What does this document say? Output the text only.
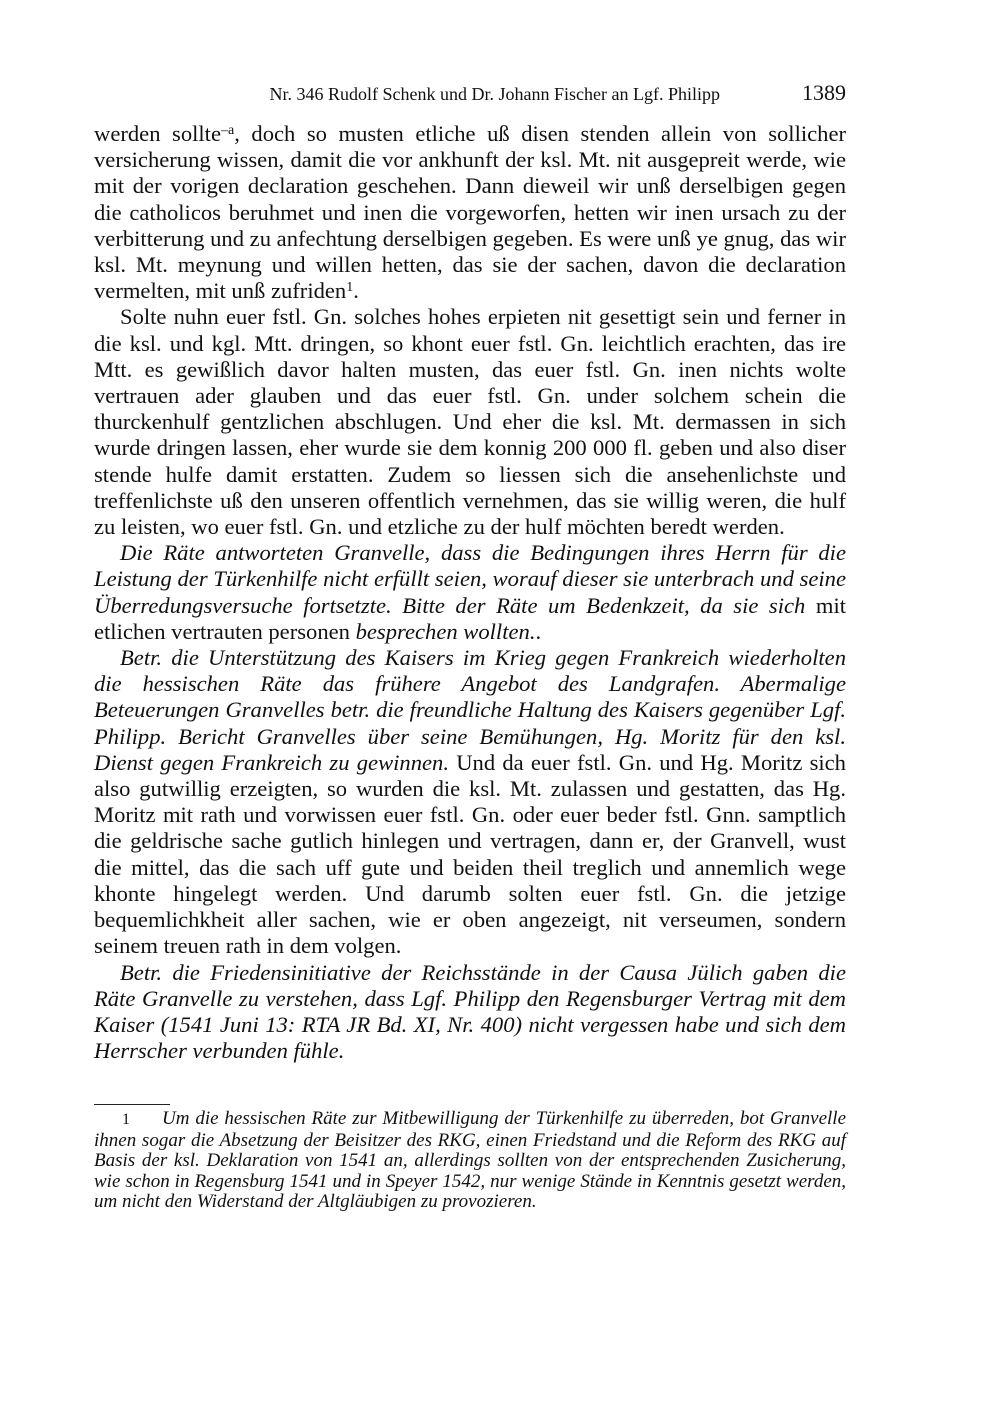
Nr. 346 Rudolf Schenk und Dr. Johann Fischer an Lgf. Philipp	1389

werden sollte$^{-a}$, doch so musten etliche uß disen stenden allein von sollicher versicherung wissen, damit die vor ankhunft der ksl. Mt. nit ausgepreit werde, wie mit der vorigen declaration geschehen. Dann dieweil wir unß derselbigen gegen die catholicos beruhmet und inen die vorgeworfen, hetten wir inen ursach zu der verbitterung und zu anfechtung derselbigen gegeben. Es were unß ye gnug, das wir ksl. Mt. meynung und willen hetten, das sie der sachen, davon die declaration vermelten, mit unß zufriden$^1$.

Solte nuhn euer fstl. Gn. solches hohes erpieten nit gesettigt sein und ferner in die ksl. und kgl. Mtt. dringen, so khont euer fstl. Gn. leichtlich erachten, das ire Mtt. es gewißlich davor halten musten, das euer fstl. Gn. inen nichts wolte vertrauen ader glauben und das euer fstl. Gn. under solchem schein die thurckenhulf gentzlichen abschlugen. Und eher die ksl. Mt. dermassen in sich wurde dringen lassen, eher wurde sie dem konnig 200 000 fl. geben und also diser stende hulfe damit erstatten. Zudem so liessen sich die ansehenlichste und treffenlichste uß den unseren offentlich vernehmen, das sie willig weren, die hulf zu leisten, wo euer fstl. Gn. und etzliche zu der hulf möchten beredt werden.

Die Räte antworteten Granvelle, dass die Bedingungen ihres Herrn für die Leistung der Türkenhilfe nicht erfüllt seien, worauf dieser sie unterbrach und seine Überredungsversuche fortsetzte. Bitte der Räte um Bedenkzeit, da sie sich mit etlichen vertrauten personen besprechen wollten..

Betr. die Unterstützung des Kaisers im Krieg gegen Frankreich wiederholten die hessischen Räte das frühere Angebot des Landgrafen. Abermalige Beteuerungen Granvelles betr. die freundliche Haltung des Kaisers gegenüber Lgf. Philipp. Bericht Granvelles über seine Bemühungen, Hg. Moritz für den ksl. Dienst gegen Frankreich zu gewinnen. Und da euer fstl. Gn. und Hg. Moritz sich also gutwillig erzeigten, so wurden die ksl. Mt. zulassen und gestatten, das Hg. Moritz mit rath und vorwissen euer fstl. Gn. oder euer beder fstl. Gnn. samptlich die geldrische sache gutlich hinlegen und vertragen, dann er, der Granvell, wust die mittel, das die sach uff gute und beiden theil treglich und annemlich wege khonte hingelegt werden. Und darumb solten euer fstl. Gn. die jetzige bequemlichkheit aller sachen, wie er oben angezeigt, nit verseumen, sondern seinem treuen rath in dem volgen.

Betr. die Friedensinitiative der Reichsstände in der Causa Jülich gaben die Räte Granvelle zu verstehen, dass Lgf. Philipp den Regensburger Vertrag mit dem Kaiser (1541 Juni 13: RTA JR Bd. XI, Nr. 400) nicht vergessen habe und sich dem Herrscher verbunden fühle.

1 Um die hessischen Räte zur Mitbewilligung der Türkenhilfe zu überreden, bot Granvelle ihnen sogar die Absetzung der Beisitzer des RKG, einen Friedstand und die Reform des RKG auf Basis der ksl. Deklaration von 1541 an, allerdings sollten von der entsprechenden Zusicherung, wie schon in Regensburg 1541 und in Speyer 1542, nur wenige Stände in Kenntnis gesetzt werden, um nicht den Widerstand der Altgläubigen zu provozieren.
